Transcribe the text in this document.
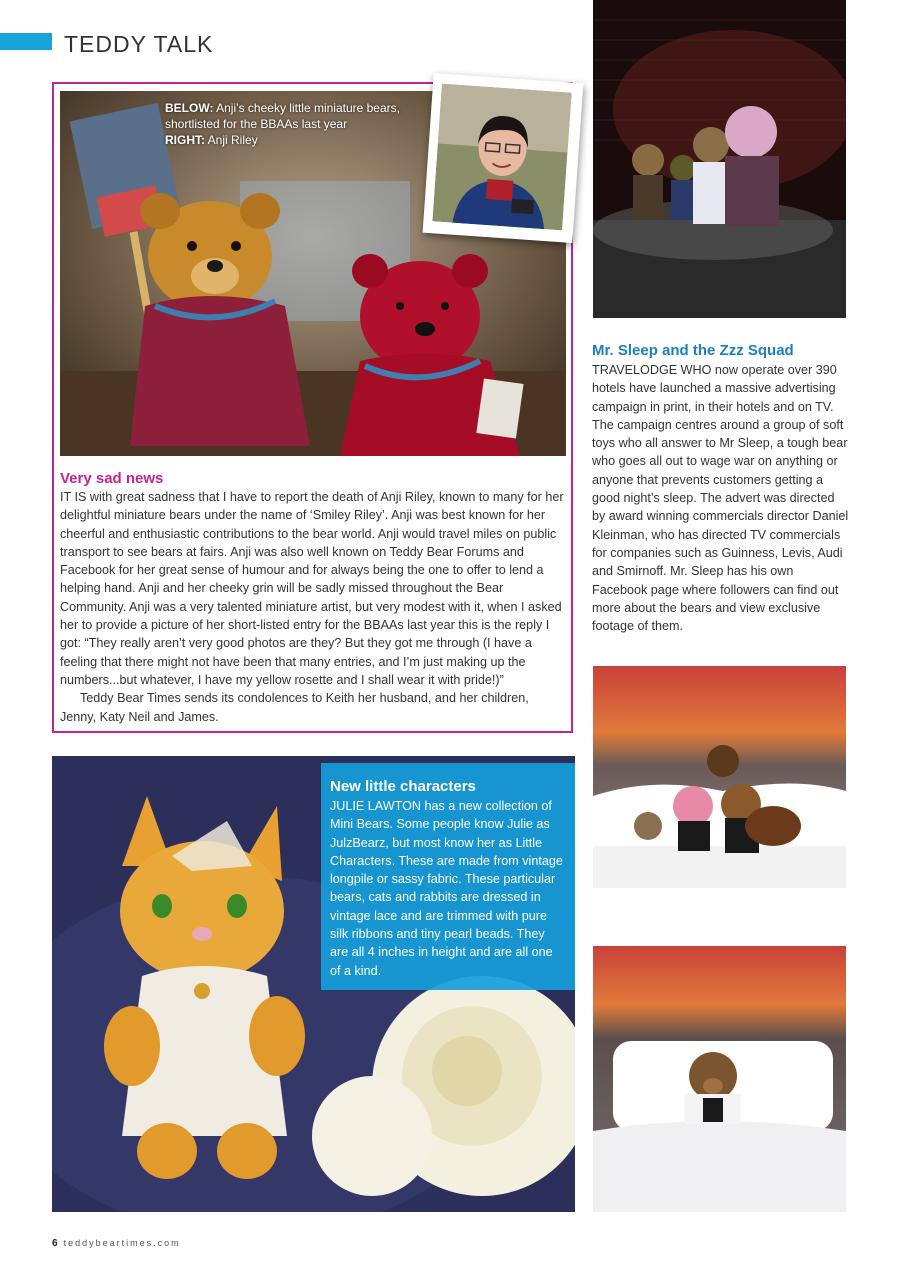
TEDDY TALK
BELOW: Anji’s cheeky little miniature bears, shortlisted for the BBAAs last year
RIGHT: Anji Riley
Very sad news

IT IS with great sadness that I have to report the death of Anji Riley, known to many for her delightful miniature bears under the name of ‘Smiley Riley’. Anji was best known for her cheerful and enthusiastic contributions to the bear world. Anji would travel miles on public transport to see bears at fairs. Anji was also well known on Teddy Bear Forums and Facebook for her great sense of humour and for always being the one to offer to lend a helping hand. Anji and her cheeky grin will be sadly missed throughout the Bear Community. Anji was a very talented miniature artist, but very modest with it, when I asked her to provide a picture of her short-listed entry for the BBAAs last year this is the reply I got: “They really aren’t very good photos are they? But they got me through (I have a feeling that there might not have been that many entries, and I’m just making up the numbers...but whatever, I have my yellow rosette and I shall wear it with pride!)”

Teddy Bear Times sends its condolences to Keith her husband, and her children, Jenny, Katy Neil and James.

Mr. Sleep and the Zzz Squad
TRAVELODGE WHO now operate over 390 hotels have launched a massive advertising campaign in print, in their hotels and on TV. The campaign centres around a group of soft toys who all answer to Mr Sleep, a tough bear who goes all out to wage war on anything or anyone that prevents customers getting a good night’s sleep. The advert was directed by award winning commercials director Daniel Kleinman, who has directed TV commercials for companies such as Guinness, Levis, Audi and Smirnoff. Mr. Sleep has his own Facebook page where followers can find out more about the bears and view exclusive footage of them.
New little characters
JULIE LAWTON has a new collection of Mini Bears. Some people know Julie as JulzBearz, but most know her as Little Characters. These are made from vintage longpile or sassy fabric. These particular bears, cats and rabbits are dressed in vintage lace and are trimmed with pure silk ribbons and tiny pearl beads. They are all 4 inches in height and are all one of a kind.
6 teddybeartimes.com
